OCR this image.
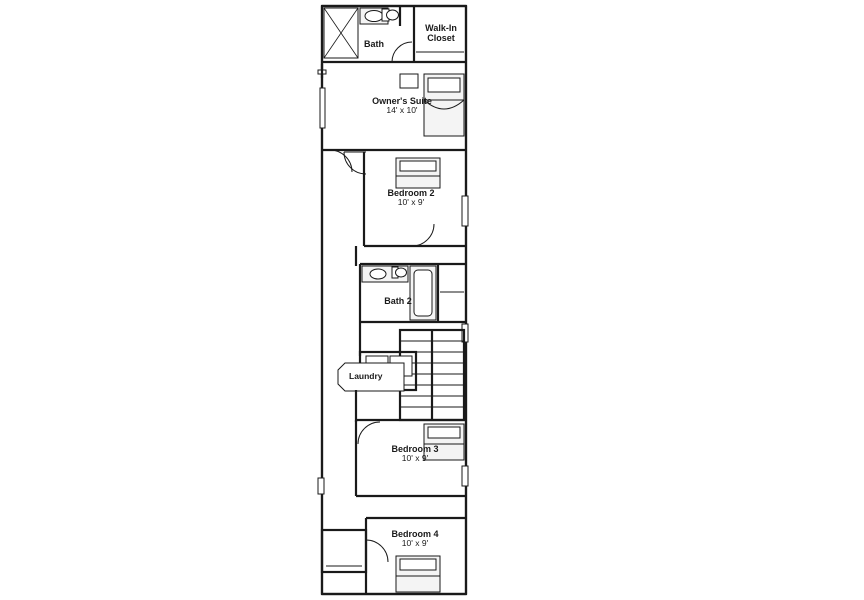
Bath
Walk-In
Closet
Owner's Suite
14' x 10'
Bedroom 2
10' x 9'
Bath 2
Laundry
Bedroom 3
10' x 9'
Bedroom 4
10' x 9'
